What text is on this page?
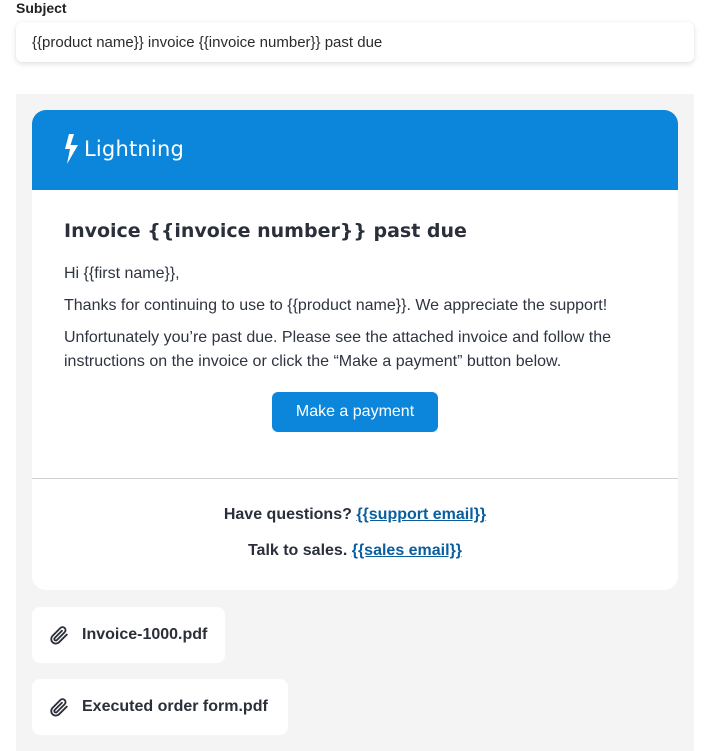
Subject
{{product name}} invoice {{invoice number}} past due
Lightning
Invoice {{invoice number}} past due

Hi {{first name}},

Thanks for continuing to use to {{product name}}. We appreciate the support!

Unfortunately you’re past due. Please see the attached invoice and follow the instructions on the invoice or click the “Make a payment” button below.

Make a payment
Have questions? {{support email}}
Talk to sales. {{sales email}}
Invoice-1000.pdf
Executed order form.pdf
